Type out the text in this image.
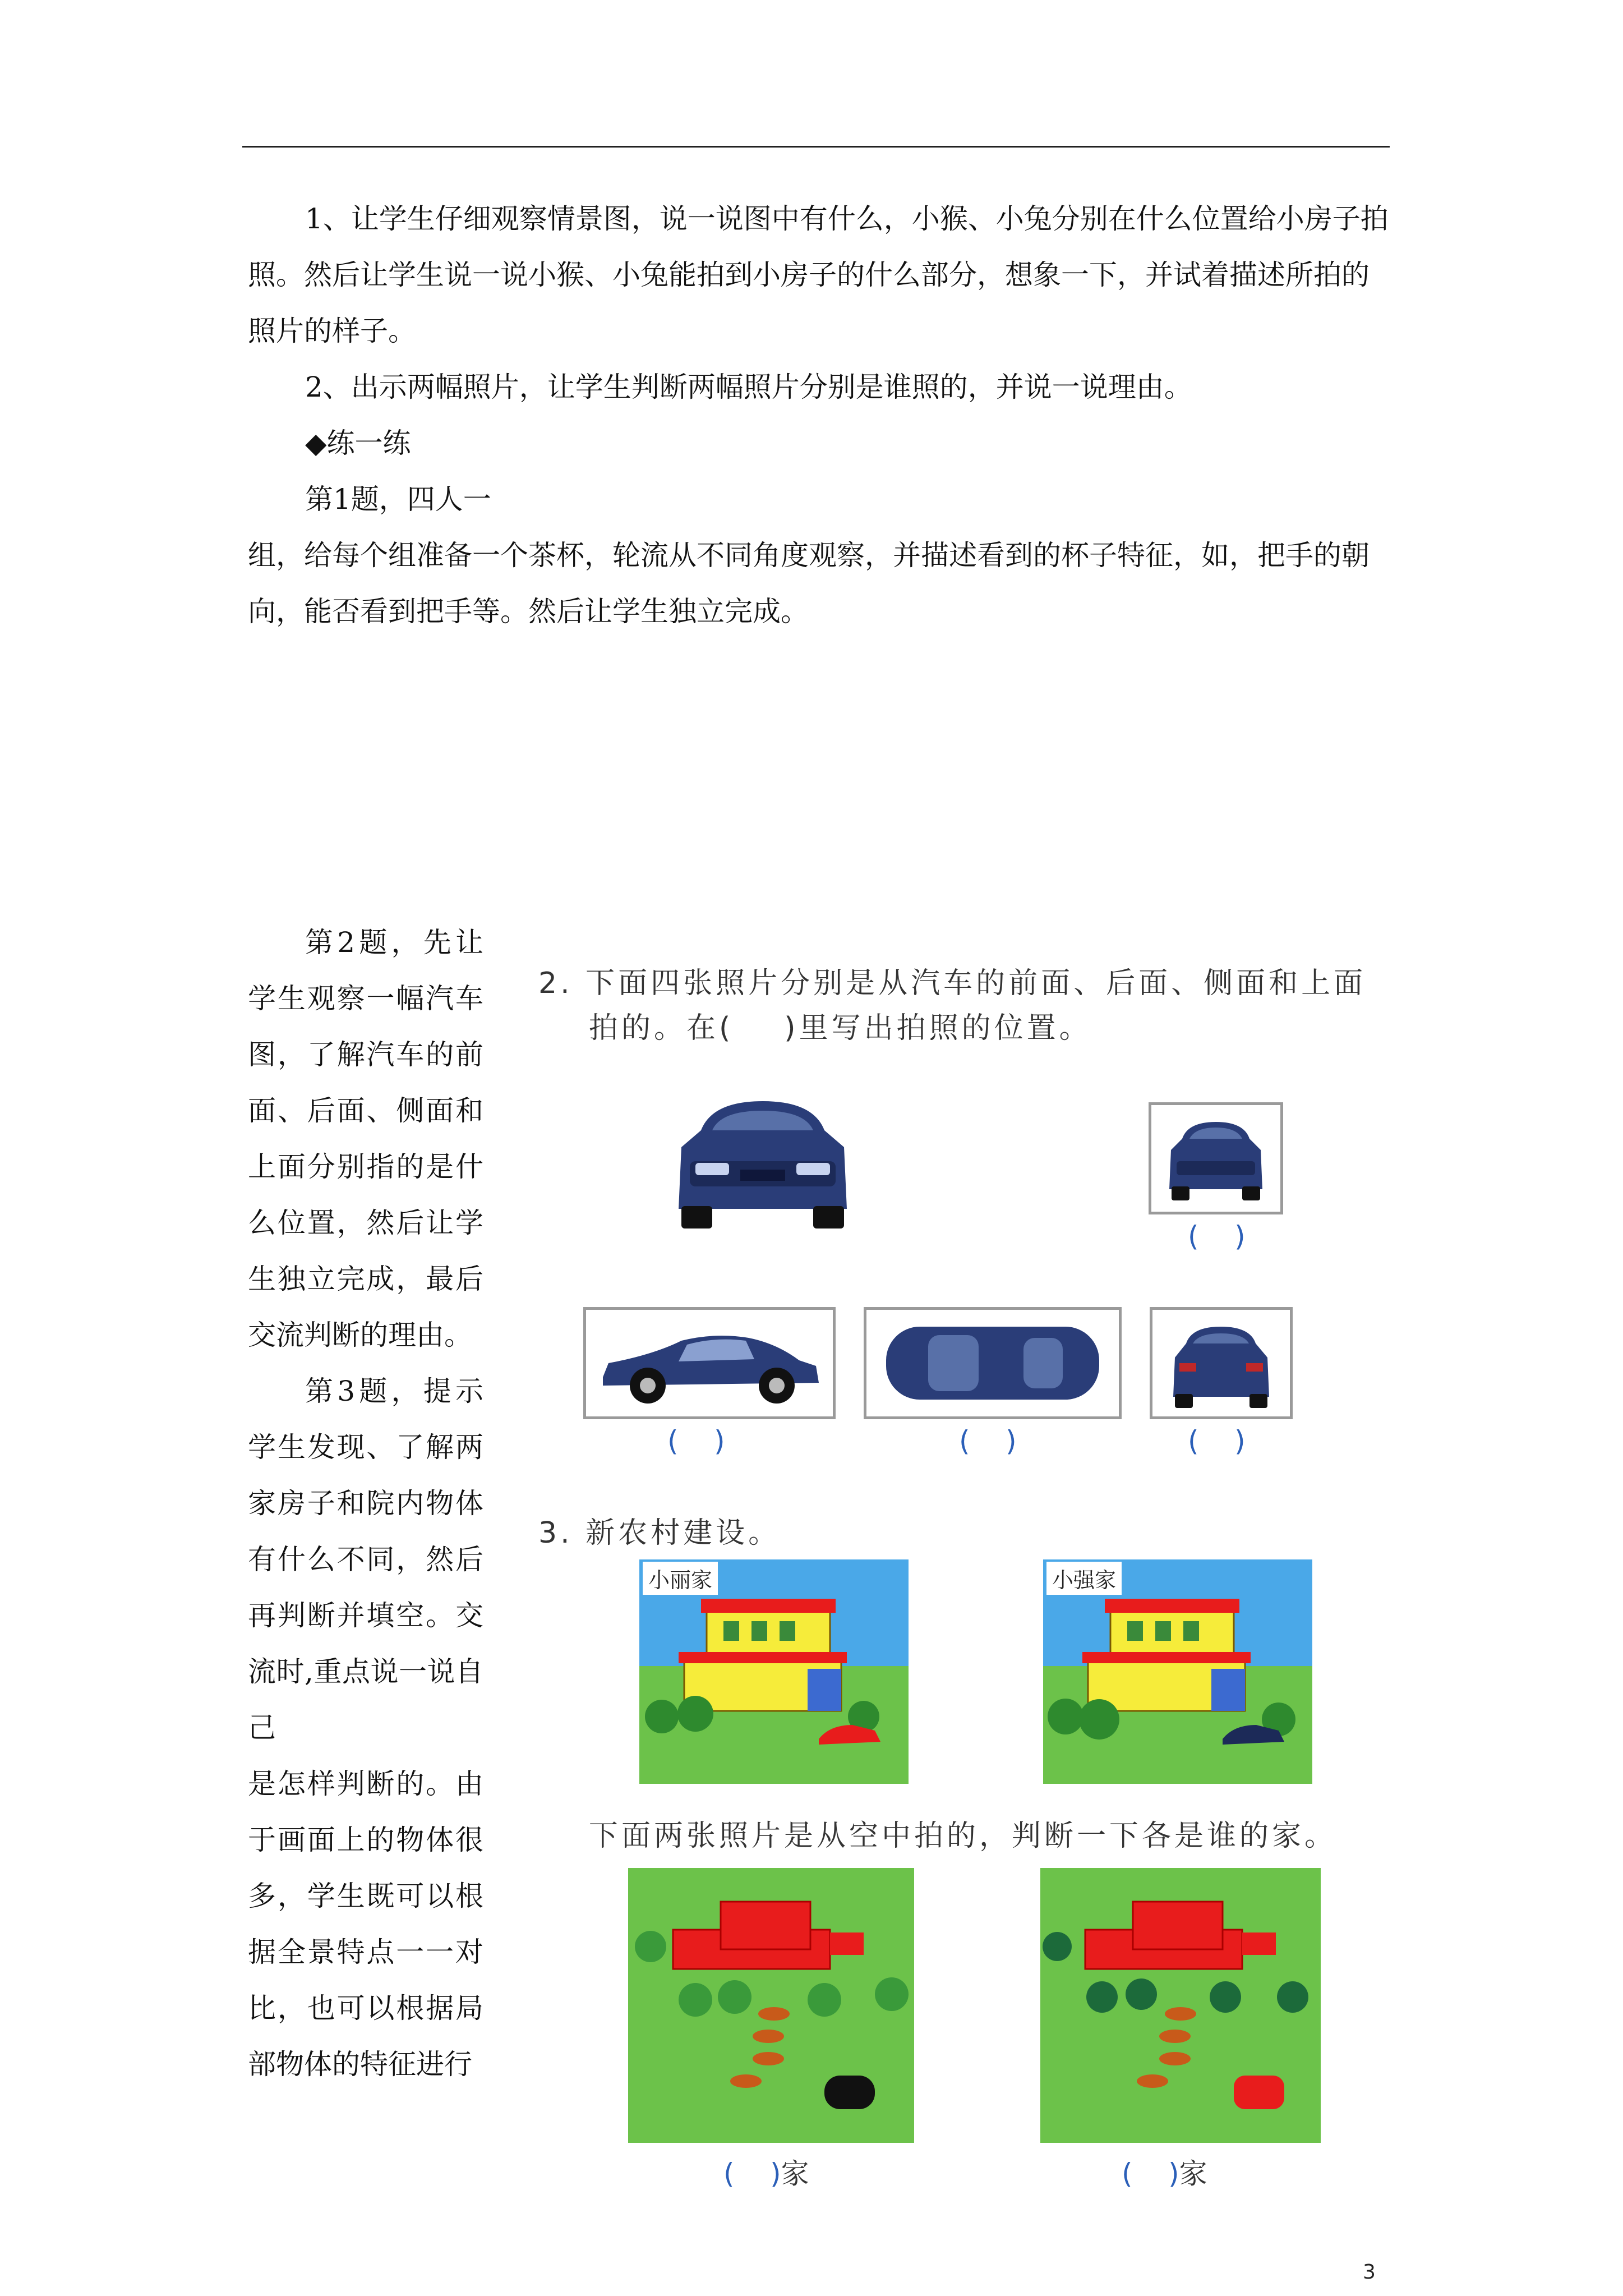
1、让学生仔细观察情景图，说一说图中有什么，小猴、小兔分别在什么位置给小房子拍照。然后让学生说一说小猴、小兔能拍到小房子的什么部分，想象一下，并试着描述所拍的照片的样子。

2、出示两幅照片，让学生判断两幅照片分别是谁照的，并说一说理由。

◆练一练

第1题，四人一

组，给每个组准备一个茶杯，轮流从不同角度观察，并描述看到的杯子特征，如，把手的朝向，能否看到把手等。然后让学生独立完成。

第2题，先让学生观察一幅汽车图，了解汽车的前面、后面、侧面和上面分别指的是什么位置，然后让学生独立完成，最后交流判断的理由。

第3题，提示学生发现、了解两家房子和院内物体有什么不同，然后再判断并填空。交流时,重点说一说自己

是怎样判断的。由于画面上的物体很多，学生既可以根据全景特点一一对比，也可以根据局部物体的特征进行

2. 下面四张照片分别是从汽车的前面、后面、侧面和上面
拍的。在( )里写出拍照的位置。
(    )
(    )	(    )	(    )
3. 新农村建设。
小丽家	小强家
下面两张照片是从空中拍的，判断一下各是谁的家。
(    )家	(    )家
3
